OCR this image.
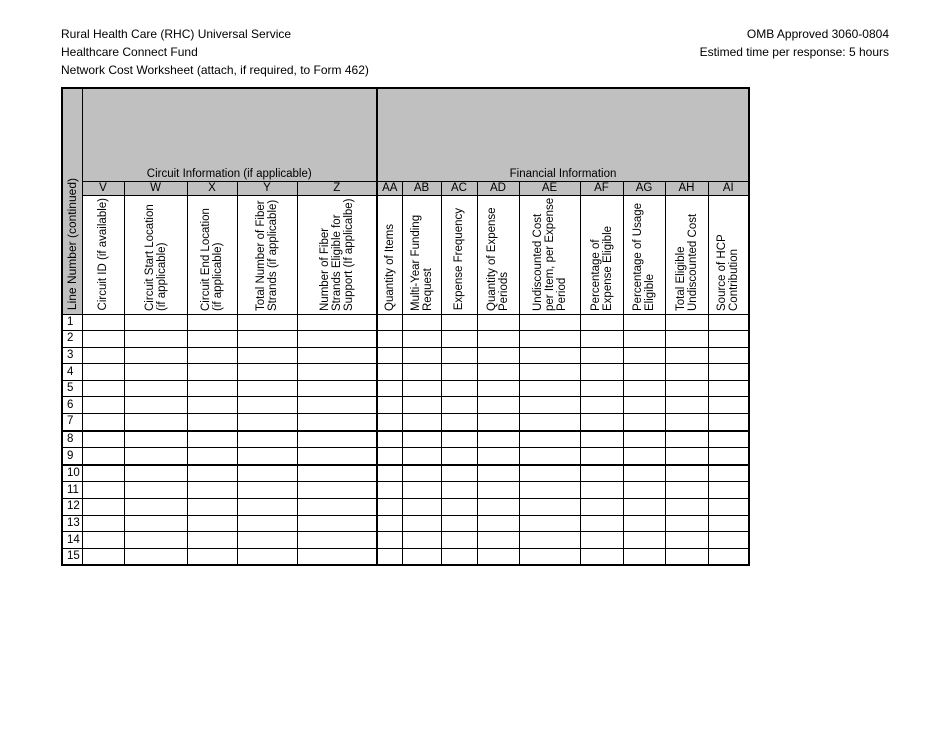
Rural Health Care (RHC) Universal Service
Healthcare Connect Fund
Network Cost Worksheet (attach, if required, to Form 462)
OMB Approved 3060-0804
Estimed time per response: 5 hours
Line Number (continued)	Circuit Information (if applicable)					Financial Information								
	V	W	X	Y	Z	AA	AB	AC	AD	AE	AF	AG	AH	AI

	Circuit ID (if available)	Circuit Start Location (if applicable)	Circuit End Location (if applicable)	Total Number of Fiber Strands (if applicable)	Number of Fiber Strands Eligible for Support (If applicalbe)	Quantity of Items	Multi-Year Funding Request	Expense Frequency	Quantity of Expense Periods	Undiscounted Cost per Item, per Expense Period	Percentage of Expense Eligible	Percentage of Usage Eligible	Total Eligible Undiscounted Cost	Source of HCP Contribution

1														
2														
3														
4														
5														
6														
7														
8														
9														
10														
11														
12														
13														
14														
15														
